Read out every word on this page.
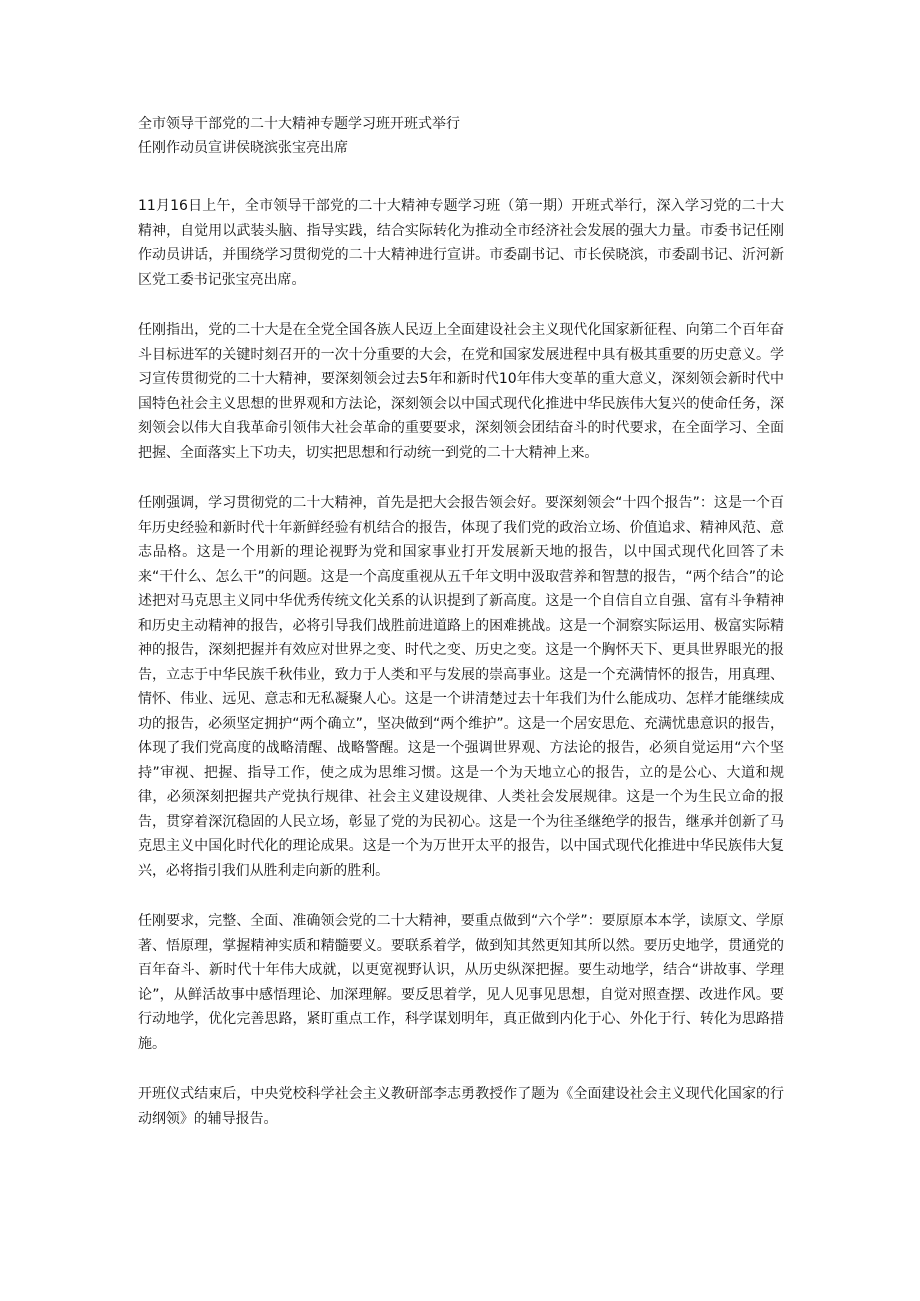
全市领导干部党的二十大精神专题学习班开班式举行

任刚作动员宣讲侯晓滨张宝亮出席

11月16日上午，全市领导干部党的二十大精神专题学习班（第一期）开班式举行，深入学习党的二十大精神，自觉用以武装头脑、指导实践，结合实际转化为推动全市经济社会发展的强大力量。市委书记任刚作动员讲话，并围绕学习贯彻党的二十大精神进行宣讲。市委副书记、市长侯晓滨，市委副书记、沂河新区党工委书记张宝亮出席。

任刚指出，党的二十大是在全党全国各族人民迈上全面建设社会主义现代化国家新征程、向第二个百年奋斗目标进军的关键时刻召开的一次十分重要的大会，在党和国家发展进程中具有极其重要的历史意义。学习宣传贯彻党的二十大精神，要深刻领会过去5年和新时代10年伟大变革的重大意义，深刻领会新时代中国特色社会主义思想的世界观和方法论，深刻领会以中国式现代化推进中华民族伟大复兴的使命任务，深刻领会以伟大自我革命引领伟大社会革命的重要要求，深刻领会团结奋斗的时代要求，在全面学习、全面把握、全面落实上下功夫，切实把思想和行动统一到党的二十大精神上来。

任刚强调，学习贯彻党的二十大精神，首先是把大会报告领会好。要深刻领会“十四个报告”：这是一个百年历史经验和新时代十年新鲜经验有机结合的报告，体现了我们党的政治立场、价值追求、精神风范、意志品格。这是一个用新的理论视野为党和国家事业打开发展新天地的报告，以中国式现代化回答了未来“干什么、怎么干”的问题。这是一个高度重视从五千年文明中汲取营养和智慧的报告，“两个结合”的论述把对马克思主义同中华优秀传统文化关系的认识提到了新高度。这是一个自信自立自强、富有斗争精神和历史主动精神的报告，必将引导我们战胜前进道路上的困难挑战。这是一个洞察实际运用、极富实际精神的报告，深刻把握并有效应对世界之变、时代之变、历史之变。这是一个胸怀天下、更具世界眼光的报告，立志于中华民族千秋伟业，致力于人类和平与发展的崇高事业。这是一个充满情怀的报告，用真理、情怀、伟业、远见、意志和无私凝聚人心。这是一个讲清楚过去十年我们为什么能成功、怎样才能继续成功的报告，必须坚定拥护“两个确立”，坚决做到“两个维护”。这是一个居安思危、充满忧患意识的报告，体现了我们党高度的战略清醒、战略警醒。这是一个强调世界观、方法论的报告，必须自觉运用“六个坚持”审视、把握、指导工作，使之成为思维习惯。这是一个为天地立心的报告，立的是公心、大道和规律，必须深刻把握共产党执行规律、社会主义建设规律、人类社会发展规律。这是一个为生民立命的报告，贯穿着深沉稳固的人民立场，彰显了党的为民初心。这是一个为往圣继绝学的报告，继承并创新了马克思主义中国化时代化的理论成果。这是一个为万世开太平的报告，以中国式现代化推进中华民族伟大复兴，必将指引我们从胜利走向新的胜利。

任刚要求，完整、全面、准确领会党的二十大精神，要重点做到“六个学”：要原原本本学，读原文、学原著、悟原理，掌握精神实质和精髓要义。要联系着学，做到知其然更知其所以然。要历史地学，贯通党的百年奋斗、新时代十年伟大成就，以更宽视野认识，从历史纵深把握。要生动地学，结合“讲故事、学理论”，从鲜活故事中感悟理论、加深理解。要反思着学，见人见事见思想，自觉对照查摆、改进作风。要行动地学，优化完善思路，紧盯重点工作，科学谋划明年，真正做到内化于心、外化于行、转化为思路措施。

开班仪式结束后，中央党校科学社会主义教研部李志勇教授作了题为《全面建设社会主义现代化国家的行动纲领》的辅导报告。
